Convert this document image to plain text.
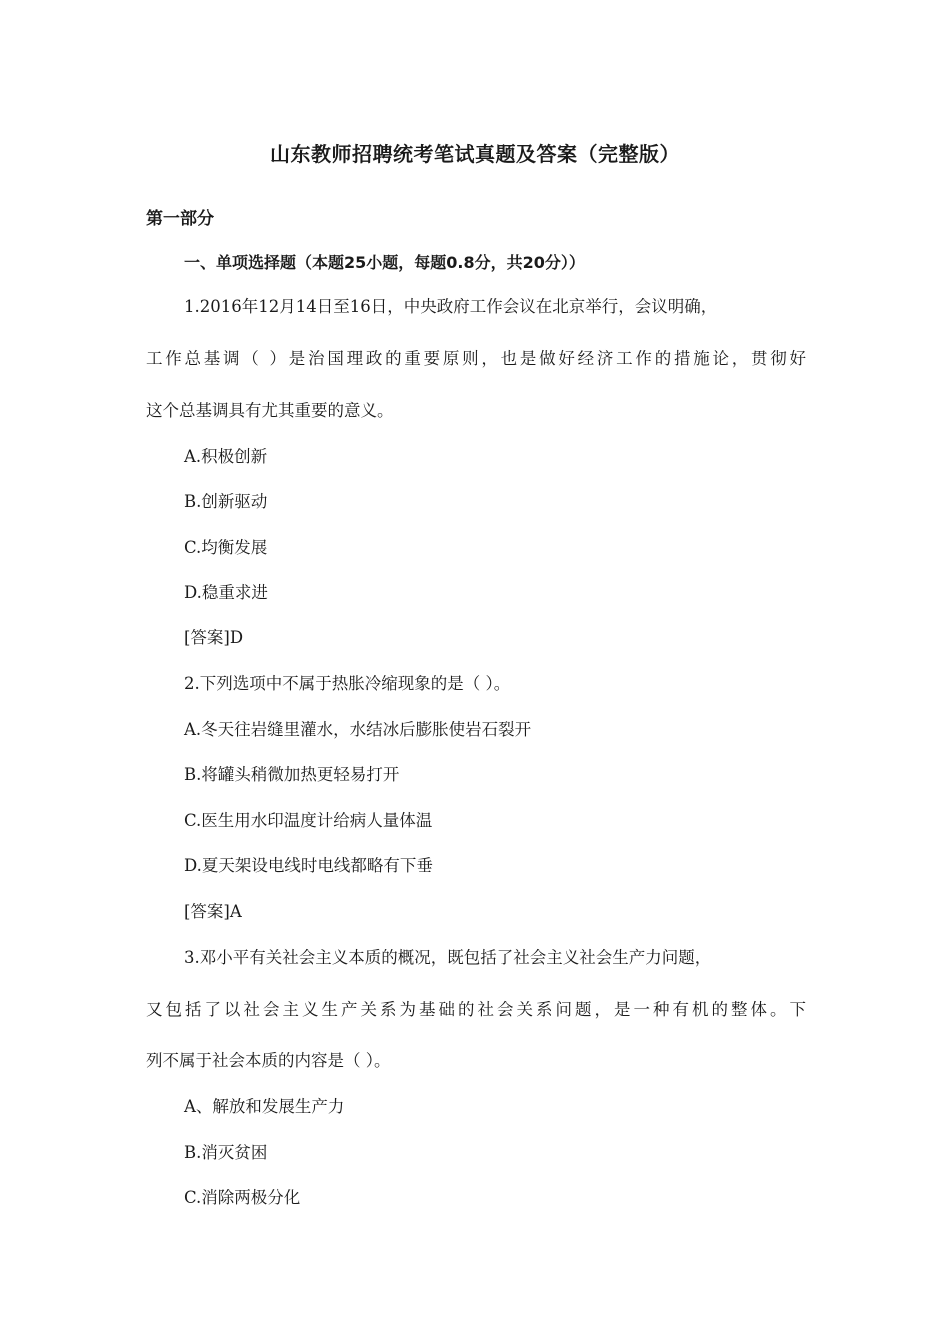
山东教师招聘统考笔试真题及答案（完整版）
第一部分
一、单项选择题（本题25小题，每题0.8分，共20分））
1.2016年12月14日至16日，中央政府工作会议在北京举行，会议明确，
工作总基调（ ）是治国理政的重要原则，也是做好经济工作的措施论，贯彻好
这个总基调具有尤其重要的意义。
A.积极创新
B.创新驱动
C.均衡发展
D.稳重求进
[答案]D
2.下列选项中不属于热胀冷缩现象的是（ ）。
A.冬天往岩缝里灌水，水结冰后膨胀使岩石裂开
B.将罐头稍微加热更轻易打开
C.医生用水印温度计给病人量体温
D.夏天架设电线时电线都略有下垂
[答案]A
3.邓小平有关社会主义本质的概况，既包括了社会主义社会生产力问题，
又包括了以社会主义生产关系为基础的社会关系问题，是一种有机的整体。下
列不属于社会本质的内容是（ ）。
A、解放和发展生产力
B.消灭贫困
C.消除两极分化
